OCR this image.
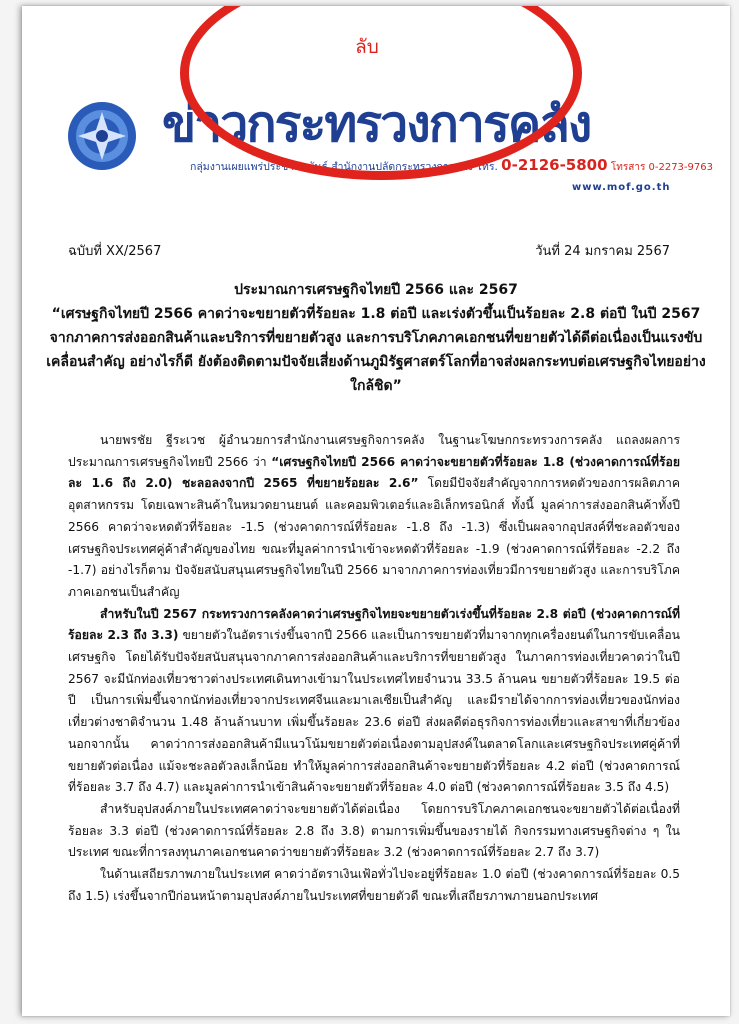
ข่าวกระทรวงการคลัง
กลุ่มงานเผยแพร่ประชาสัมพันธ์ สำนักงานปลัดกระทรวงการคลัง โทร. 0-2126-5800 โทรสาร 0-2273-9763
www.mof.go.th
ลับ
ฉบับที่ XX/2567	วันที่ 24 มกราคม 2567
ประมาณการเศรษฐกิจไทยปี 2566 และ 2567
“เศรษฐกิจไทยปี 2566 คาดว่าจะขยายตัวที่ร้อยละ 1.8 ต่อปี และเร่งตัวขึ้นเป็นร้อยละ 2.8 ต่อปี ในปี 2567 จากภาคการส่งออกสินค้าและบริการที่ขยายตัวสูง และการบริโภคภาคเอกชนที่ขยายตัวได้ดีต่อเนื่องเป็นแรงขับเคลื่อนสำคัญ อย่างไรก็ดี ยังต้องติดตามปัจจัยเสี่ยงด้านภูมิรัฐศาสตร์โลกที่อาจส่งผลกระทบต่อเศรษฐกิจไทยอย่างใกล้ชิด”

นายพรชัย ฐีระเวช ผู้อำนวยการสำนักงานเศรษฐกิจการคลัง ในฐานะโฆษกกระทรวงการคลัง แถลงผลการประมาณการเศรษฐกิจไทยปี 2566 ว่า “เศรษฐกิจไทยปี 2566 คาดว่าจะขยายตัวที่ร้อยละ 1.8 (ช่วงคาดการณ์ที่ร้อยละ 1.6 ถึง 2.0) ชะลอลงจากปี 2565 ที่ขยายร้อยละ 2.6” โดยมีปัจจัยสำคัญจากการหดตัวของการผลิตภาคอุตสาหกรรม โดยเฉพาะสินค้าในหมวดยานยนต์ และคอมพิวเตอร์และอิเล็กทรอนิกส์ ทั้งนี้ มูลค่าการส่งออกสินค้าทั้งปี 2566 คาดว่าจะหดตัวที่ร้อยละ -1.5 (ช่วงคาดการณ์ที่ร้อยละ -1.8 ถึง -1.3) ซึ่งเป็นผลจากอุปสงค์ที่ชะลอตัวของเศรษฐกิจประเทศคู่ค้าสำคัญของไทย ขณะที่มูลค่าการนำเข้าจะหดตัวที่ร้อยละ -1.9 (ช่วงคาดการณ์ที่ร้อยละ -2.2 ถึง -1.7) อย่างไรก็ตาม ปัจจัยสนับสนุนเศรษฐกิจไทยในปี 2566 มาจากภาคการท่องเที่ยวมีการขยายตัวสูง และการบริโภคภาคเอกชนเป็นสำคัญ

สำหรับในปี 2567 กระทรวงการคลังคาดว่าเศรษฐกิจไทยจะขยายตัวเร่งขึ้นที่ร้อยละ 2.8 ต่อปี (ช่วงคาดการณ์ที่ร้อยละ 2.3 ถึง 3.3) ขยายตัวในอัตราเร่งขึ้นจากปี 2566 และเป็นการขยายตัวที่มาจากทุกเครื่องยนต์ในการขับเคลื่อนเศรษฐกิจ โดยได้รับปัจจัยสนับสนุนจากภาคการส่งออกสินค้าและบริการที่ขยายตัวสูง ในภาคการท่องเที่ยวคาดว่าในปี 2567 จะมีนักท่องเที่ยวชาวต่างประเทศเดินทางเข้ามาในประเทศไทยจำนวน 33.5 ล้านคน ขยายตัวที่ร้อยละ 19.5 ต่อปี เป็นการเพิ่มขึ้นจากนักท่องเที่ยวจากประเทศจีนและมาเลเซียเป็นสำคัญ และมีรายได้จากการท่องเที่ยวของนักท่องเที่ยวต่างชาติจำนวน 1.48 ล้านล้านบาท เพิ่มขึ้นร้อยละ 23.6 ต่อปี ส่งผลดีต่อธุรกิจการท่องเที่ยวและสาขาที่เกี่ยวข้อง นอกจากนั้น คาดว่าการส่งออกสินค้ามีแนวโน้มขยายตัวต่อเนื่องตามอุปสงค์ในตลาดโลกและเศรษฐกิจประเทศคู่ค้าที่ขยายตัวต่อเนื่อง แม้จะชะลอตัวลงเล็กน้อย ทำให้มูลค่าการส่งออกสินค้าจะขยายตัวที่ร้อยละ 4.2 ต่อปี (ช่วงคาดการณ์ที่ร้อยละ 3.7 ถึง 4.7) และมูลค่าการนำเข้าสินค้าจะขยายตัวที่ร้อยละ 4.0 ต่อปี (ช่วงคาดการณ์ที่ร้อยละ 3.5 ถึง 4.5)

สำหรับอุปสงค์ภายในประเทศคาดว่าจะขยายตัวได้ต่อเนื่อง โดยการบริโภคภาคเอกชนจะขยายตัวได้ต่อเนื่องที่ร้อยละ 3.3 ต่อปี (ช่วงคาดการณ์ที่ร้อยละ 2.8 ถึง 3.8) ตามการเพิ่มขึ้นของรายได้ กิจกรรมทางเศรษฐกิจต่าง ๆ ในประเทศ ขณะที่การลงทุนภาคเอกชนคาดว่าขยายตัวที่ร้อยละ 3.2 (ช่วงคาดการณ์ที่ร้อยละ 2.7 ถึง 3.7)

ในด้านเสถียรภาพภายในประเทศ คาดว่าอัตราเงินเฟ้อทั่วไปจะอยู่ที่ร้อยละ 1.0 ต่อปี (ช่วงคาดการณ์ที่ร้อยละ 0.5 ถึง 1.5) เร่งขึ้นจากปีก่อนหน้าตามอุปสงค์ภายในประเทศที่ขยายตัวดี ขณะที่เสถียรภาพภายนอกประเทศ
